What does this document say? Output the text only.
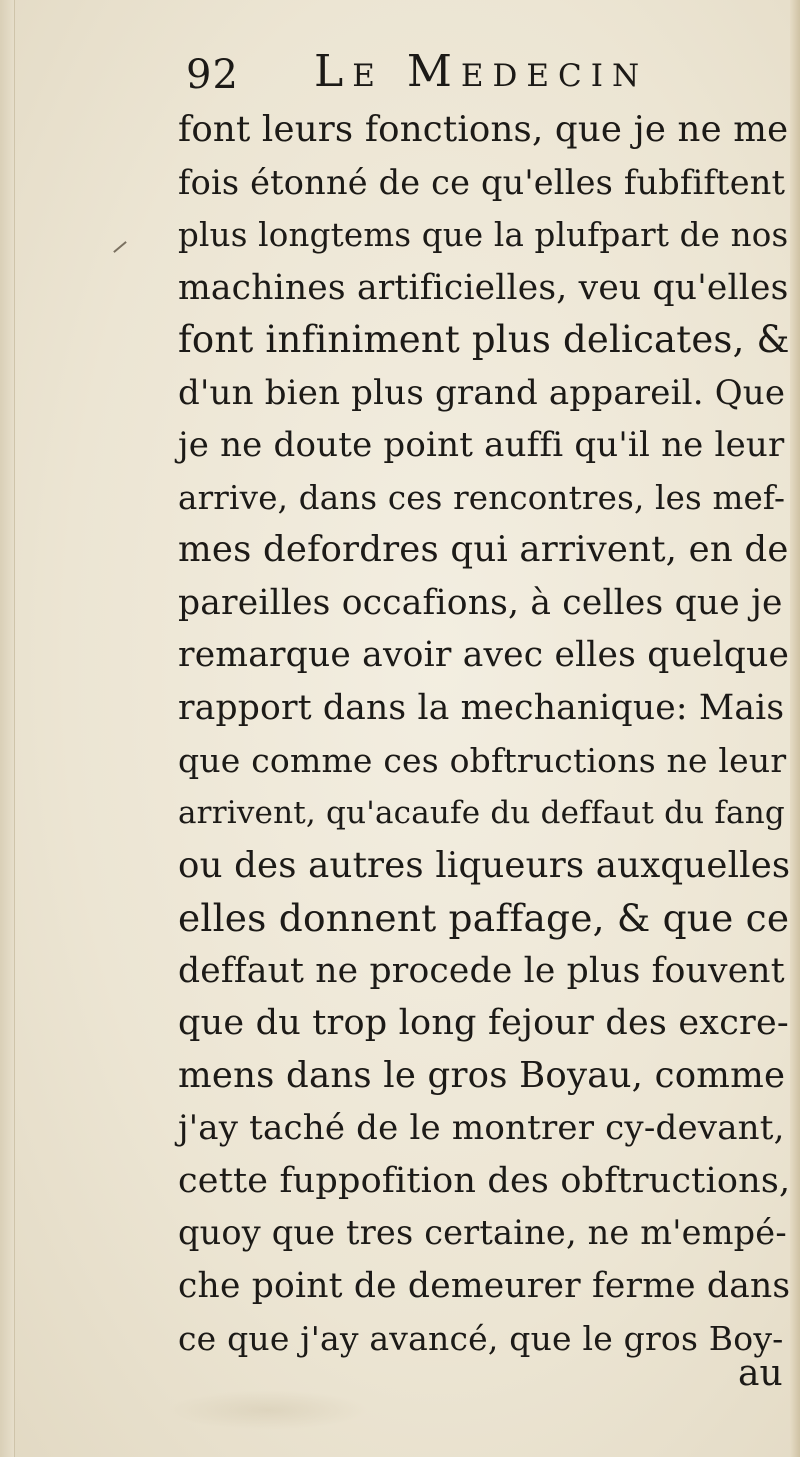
92 Le Medecin
font leurs fonctions, que je ne me
fois étonné de ce qu'elles fubfiftent
plus longtems que la plufpart de nos
machines artificielles, veu qu'elles
font infiniment plus delicates, &
d'un bien plus grand appareil. Que
je ne doute point auffi qu'il ne leur
arrive, dans ces rencontres, les mef-
mes defordres qui arrivent, en de
pareilles occafions, à celles que je
remarque avoir avec elles quelque
rapport dans la mechanique: Mais
que comme ces obftructions ne leur
arrivent, qu'acaufe du deffaut du fang
ou des autres liqueurs auxquelles
elles donnent paffage, & que ce
deffaut ne procede le plus fouvent
que du trop long fejour des excre-
mens dans le gros Boyau, comme
j'ay taché de le montrer cy-devant,
cette fuppofition des obftructions,
quoy que tres certaine, ne m'empé-
che point de demeurer ferme dans
ce que j'ay avancé, que le gros Boy-
au
